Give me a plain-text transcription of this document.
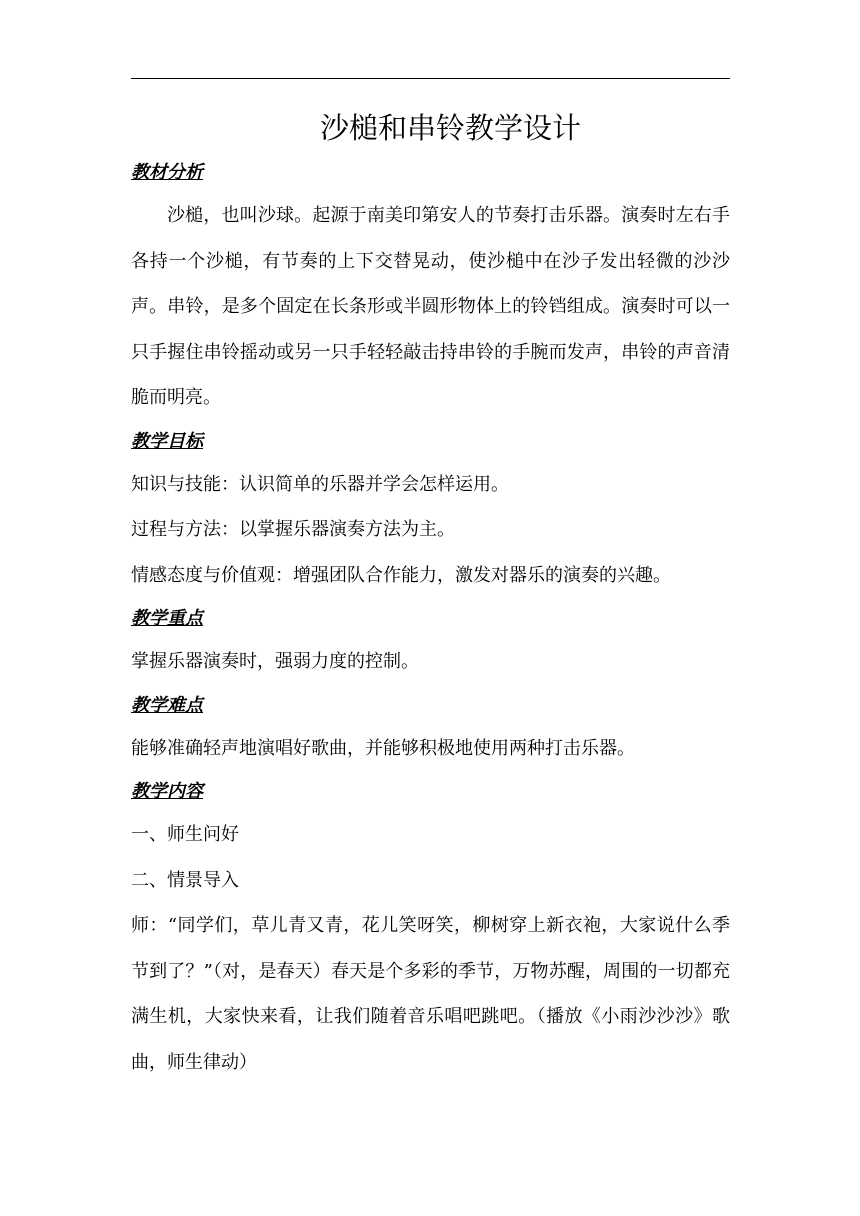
沙槌和串铃教学设计
教材分析

沙槌，也叫沙球。起源于南美印第安人的节奏打击乐器。演奏时左右手各持一个沙槌，有节奏的上下交替晃动，使沙槌中在沙子发出轻微的沙沙声。串铃，是多个固定在长条形或半圆形物体上的铃铛组成。演奏时可以一只手握住串铃摇动或另一只手轻轻敲击持串铃的手腕而发声，串铃的声音清脆而明亮。

教学目标
知识与技能：认识简单的乐器并学会怎样运用。
过程与方法：以掌握乐器演奏方法为主。
情感态度与价值观：增强团队合作能力，激发对器乐的演奏的兴趣。
教学重点
掌握乐器演奏时，强弱力度的控制。
教学难点
能够准确轻声地演唱好歌曲，并能够积极地使用两种打击乐器。
教学内容
一、师生问好
二、情景导入

师：“同学们，草儿青又青，花儿笑呀笑，柳树穿上新衣袍，大家说什么季节到了？”（对，是春天）春天是个多彩的季节，万物苏醒，周围的一切都充满生机，大家快来看，让我们随着音乐唱吧跳吧。（播放《小雨沙沙沙》歌曲，师生律动）
